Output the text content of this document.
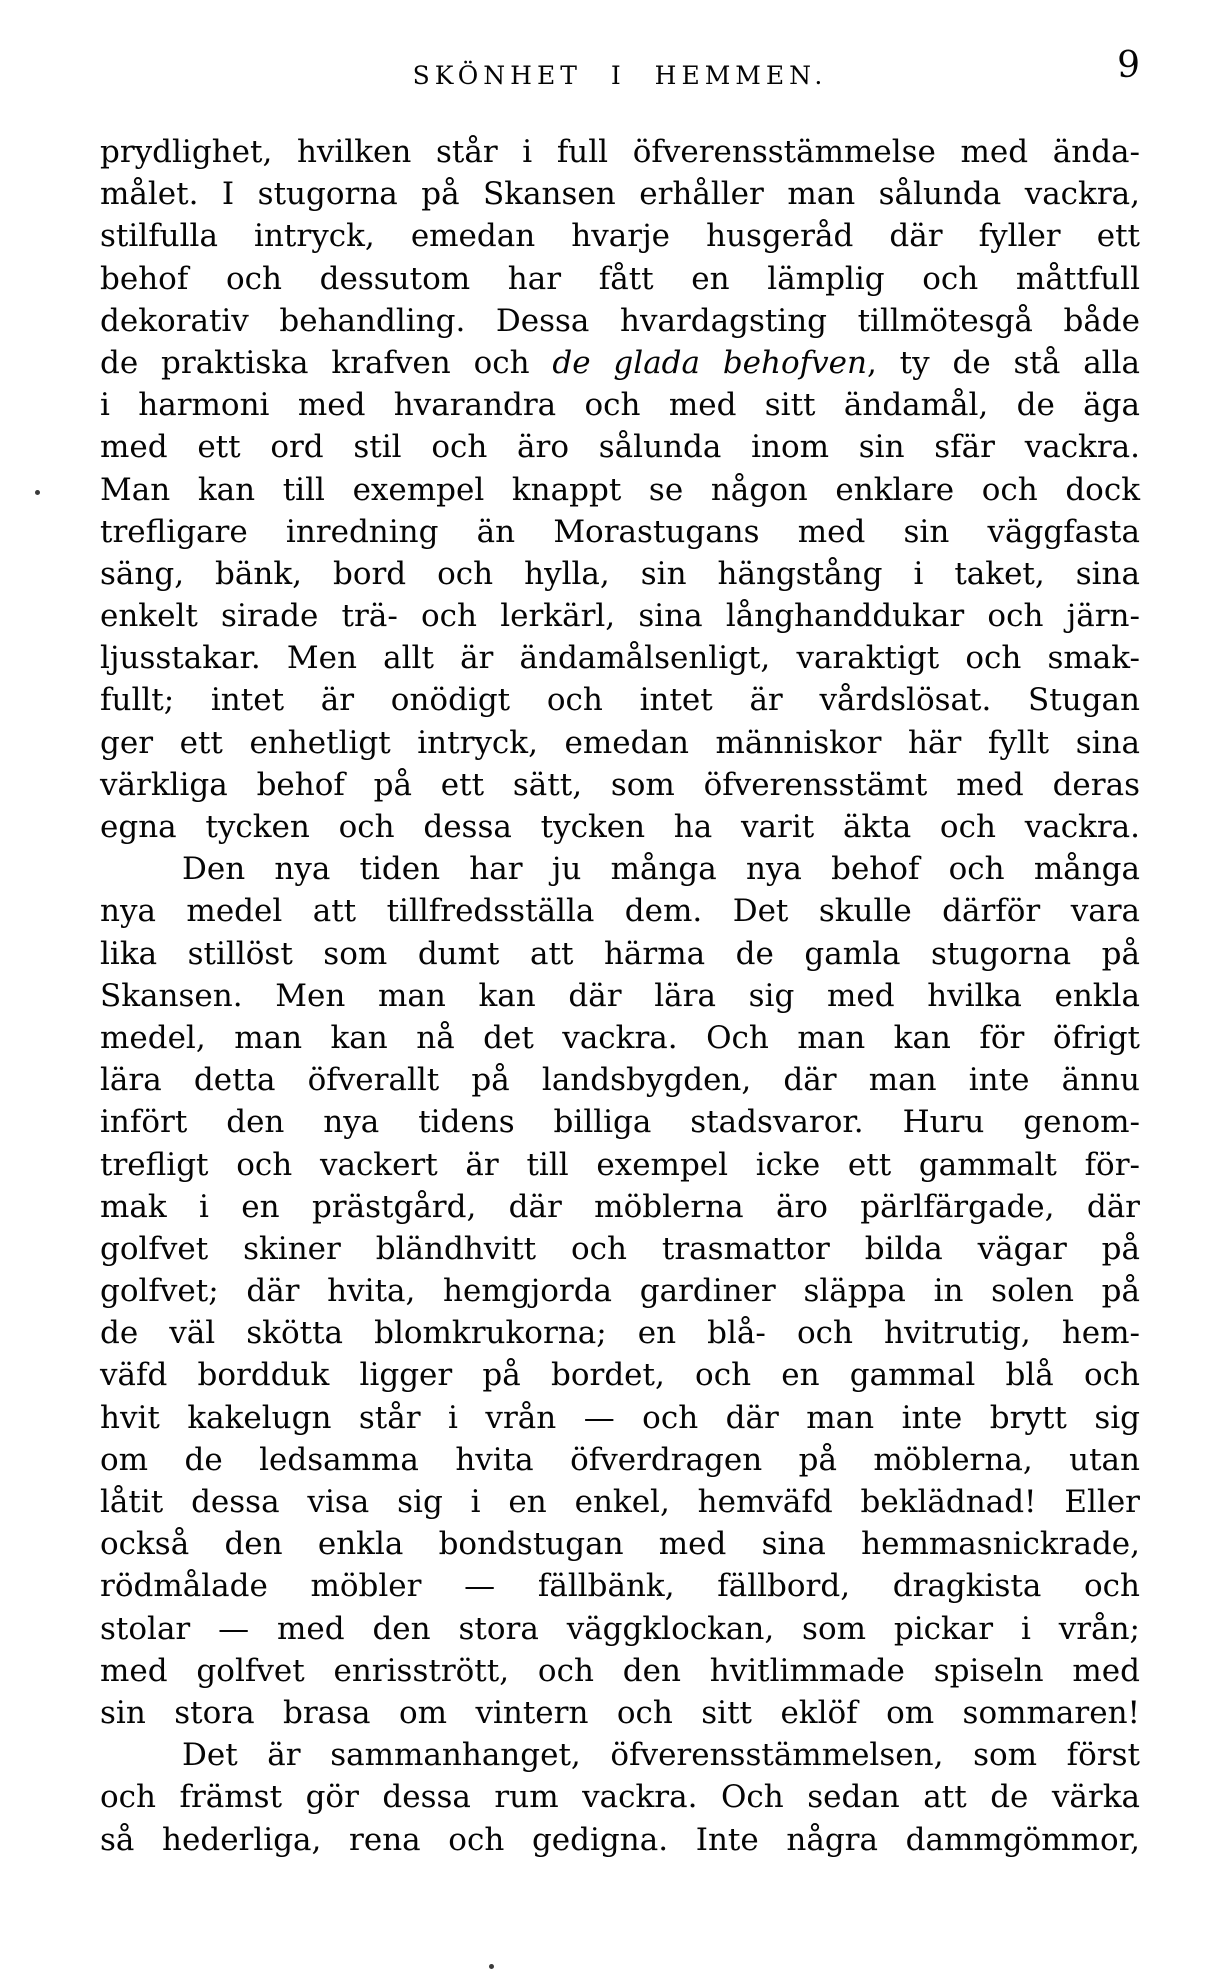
SKÖNHET I HEMMEN.	9
prydlighet, hvilken står i full öfverensstämmelse med ända-
målet. I stugorna på Skansen erhåller man sålunda vackra,
stilfulla intryck, emedan hvarje husgeråd där fyller ett
behof och dessutom har fått en lämplig och måttfull
dekorativ behandling. Dessa hvardagsting tillmötesgå både
de praktiska krafven och de glada behofven, ty de stå alla
i harmoni med hvarandra och med sitt ändamål, de äga
med ett ord stil och äro sålunda inom sin sfär vackra.
Man kan till exempel knappt se någon enklare och dock
trefligare inredning än Morastugans med sin väggfasta
säng, bänk, bord och hylla, sin hängstång i taket, sina
enkelt sirade trä- och lerkärl, sina långhanddukar och järn-
ljusstakar. Men allt är ändamålsenligt, varaktigt och smak-
fullt; intet är onödigt och intet är vårdslösat. Stugan
ger ett enhetligt intryck, emedan människor här fyllt sina
värkliga behof på ett sätt, som öfverensstämt med deras
egna tycken och dessa tycken ha varit äkta och vackra.
Den nya tiden har ju många nya behof och många
nya medel att tillfredsställa dem. Det skulle därför vara
lika stillöst som dumt att härma de gamla stugorna på
Skansen. Men man kan där lära sig med hvilka enkla
medel, man kan nå det vackra. Och man kan för öfrigt
lära detta öfverallt på landsbygden, där man inte ännu
infört den nya tidens billiga stadsvaror. Huru genom-
trefligt och vackert är till exempel icke ett gammalt för-
mak i en prästgård, där möblerna äro pärlfärgade, där
golfvet skiner bländhvitt och trasmattor bilda vägar på
golfvet; där hvita, hemgjorda gardiner släppa in solen på
de väl skötta blomkrukorna; en blå- och hvitrutig, hem-
väfd bordduk ligger på bordet, och en gammal blå och
hvit kakelugn står i vrån — och där man inte brytt sig
om de ledsamma hvita öfverdragen på möblerna, utan
låtit dessa visa sig i en enkel, hemväfd beklädnad! Eller
också den enkla bondstugan med sina hemmasnickrade,
rödmålade möbler — fällbänk, fällbord, dragkista och
stolar — med den stora väggklockan, som pickar i vrån;
med golfvet enrisstrött, och den hvitlimmade spiseln med
sin stora brasa om vintern och sitt eklöf om sommaren!
Det är sammanhanget, öfverensstämmelsen, som först
och främst gör dessa rum vackra. Och sedan att de värka
så hederliga, rena och gedigna. Inte några dammgömmor,
